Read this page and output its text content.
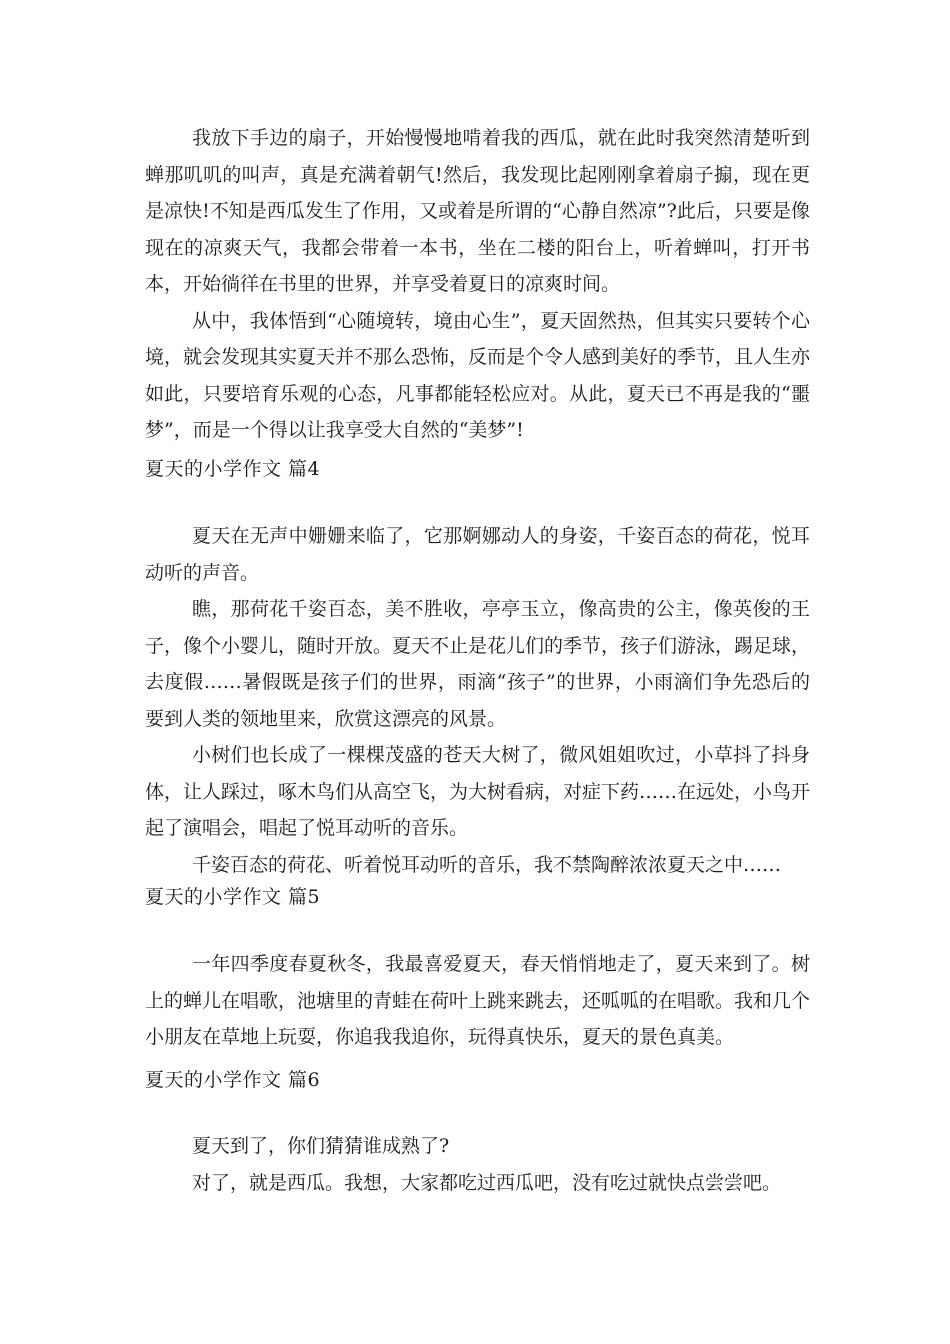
我放下手边的扇子，开始慢慢地啃着我的西瓜，就在此时我突然清楚听到蝉那叽叽的叫声，真是充满着朝气!然后，我发现比起刚刚拿着扇子搧，现在更是凉快!不知是西瓜发生了作用，又或着是所谓的“心静自然凉”?此后，只要是像现在的凉爽天气，我都会带着一本书，坐在二楼的阳台上，听着蝉叫，打开书本，开始徜徉在书里的世界，并享受着夏日的凉爽时间。

从中，我体悟到“心随境转，境由心生”，夏天固然热，但其实只要转个心境，就会发现其实夏天并不那么恐怖，反而是个令人感到美好的季节，且人生亦如此，只要培育乐观的心态，凡事都能轻松应对。从此，夏天已不再是我的“噩梦”，而是一个得以让我享受大自然的“美梦”!

夏天的小学作文 篇4

夏天在无声中姗姗来临了，它那婀娜动人的身姿，千姿百态的荷花，悦耳动听的声音。

瞧，那荷花千姿百态，美不胜收，亭亭玉立，像高贵的公主，像英俊的王子，像个小婴儿，随时开放。夏天不止是花儿们的季节，孩子们游泳，踢足球，去度假……暑假既是孩子们的世界，雨滴“孩子”的世界，小雨滴们争先恐后的要到人类的领地里来，欣赏这漂亮的风景。

小树们也长成了一棵棵茂盛的苍天大树了，微风姐姐吹过，小草抖了抖身体，让人踩过，啄木鸟们从高空飞，为大树看病，对症下药……在远处，小鸟开起了演唱会，唱起了悦耳动听的音乐。

千姿百态的荷花、听着悦耳动听的音乐，我不禁陶醉浓浓夏天之中……

夏天的小学作文 篇5

一年四季度春夏秋冬，我最喜爱夏天，春天悄悄地走了，夏天来到了。树上的蝉儿在唱歌，池塘里的青蛙在荷叶上跳来跳去，还呱呱的在唱歌。我和几个小朋友在草地上玩耍，你追我我追你，玩得真快乐，夏天的景色真美。

夏天的小学作文 篇6

夏天到了，你们猜猜谁成熟了?

对了，就是西瓜。我想，大家都吃过西瓜吧，没有吃过就快点尝尝吧。
